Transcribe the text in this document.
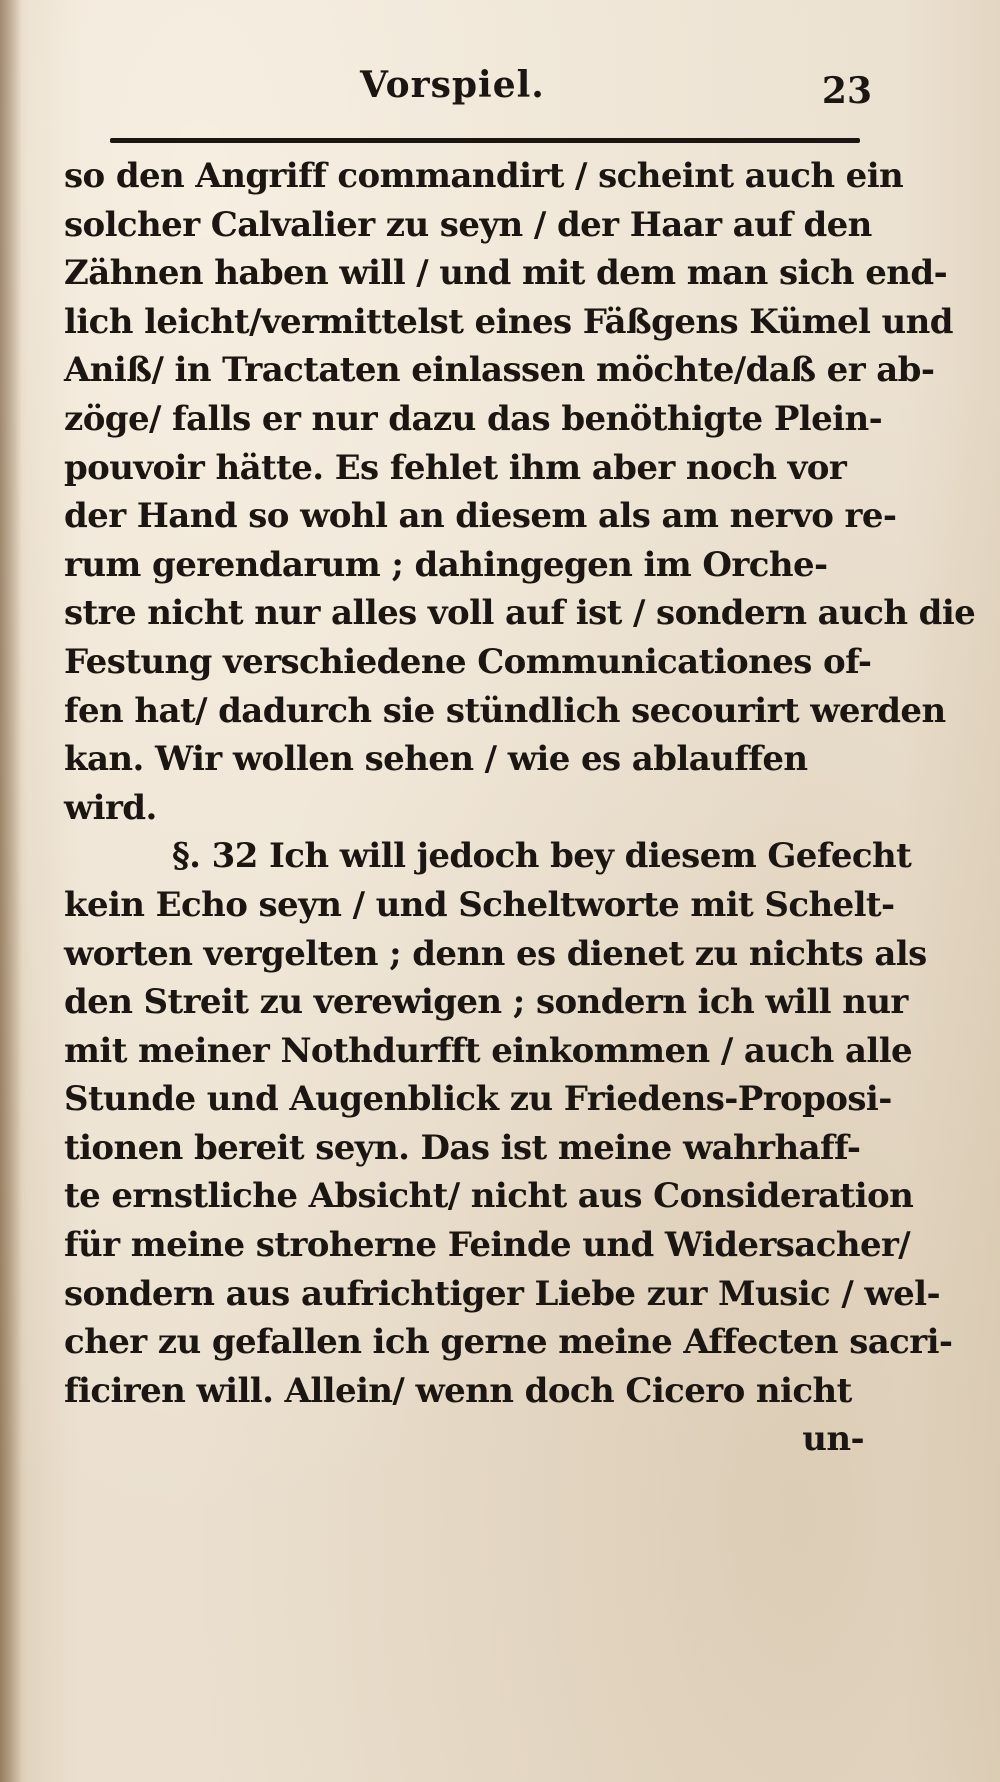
Vorspiel.	23
so den Angriff commandirt / scheint auch ein
solcher Calvalier zu seyn / der Haar auf den
Zähnen haben will / und mit dem man sich end-
lich leicht/vermittelst eines Fäßgens Kümel und
Aniß/ in Tractaten einlassen möchte/daß er ab-
zöge/ falls er nur dazu das benöthigte Plein-
pouvoir hätte. Es fehlet ihm aber noch vor
der Hand so wohl an diesem als am nervo re-
rum gerendarum ; dahingegen im Orche-
stre nicht nur alles voll auf ist / sondern auch die
Festung verschiedene Communicationes of-
fen hat/ dadurch sie stündlich secourirt werden
kan. Wir wollen sehen / wie es ablauffen
wird.
§. 32 Ich will jedoch bey diesem Gefecht
kein Echo seyn / und Scheltworte mit Schelt-
worten vergelten ; denn es dienet zu nichts als
den Streit zu verewigen ; sondern ich will nur
mit meiner Nothdurfft einkommen / auch alle
Stunde und Augenblick zu Friedens-Proposi-
tionen bereit seyn. Das ist meine wahrhaff-
te ernstliche Absicht/ nicht aus Consideration
für meine stroherne Feinde und Widersacher/
sondern aus aufrichtiger Liebe zur Music / wel-
cher zu gefallen ich gerne meine Affecten sacri-
ficiren will. Allein/ wenn doch Cicero nicht
un-
